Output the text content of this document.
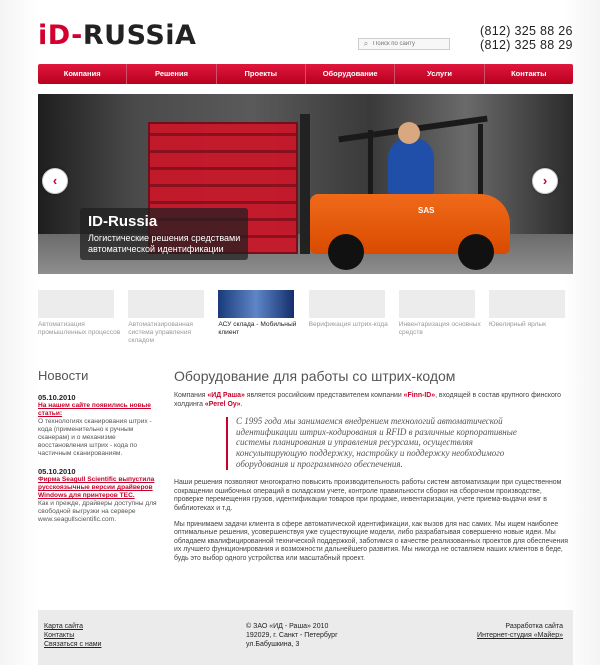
iD- RUSSiA	⌕
Поиск по сайту
(812) 325 88 26
(812) 325 88 29
Компания	Решения	Проекты	Оборудование	Услуги	Контакты
SAS
ID-Russia
Логистические решения средствами
автоматической идентификации
‹	›
Автоматизация промышленных процессов
Автоматизированная система управления складом
АСУ склада - Мобильный клиент
Верификация штрих-кода	Инвентаризация основных средств
Ювелирный ярлык
Новости
05.10.2010
На нашем сайте появились новые статьи:
О технологиях сканирования штрих - кода (применительно к ручным сканерам) и о механизме восстановления штрих - кода по частичным сканированиям.
05.10.2010
Фирма Seagull Scientific выпустила русскоязычные версии драйверов Windows для принтеров TEC.
Как и прежде, драйверы доступны для свободной выгрузки на сервере www.seagullscientific.com.
Оборудование для работы со штрих-кодом

Компания «ИД Раша» является российским представителем компании «Finn-ID», входящей в состав крупного финского холдинга «Perel Oy».

С 1995 года мы занимаемся внедрением технологий автоматической идентификации штрих-кодирования и RFID в различные корпоративные системы планирования и управления ресурсами, осуществляя консультирующую поддержку, настройку и поддержку необходимого оборудования и программного обеспечения.

Наши решения позволяют многократно повысить производительность работы систем автоматизации при существенном сокращении ошибочных операций в складском учете, контроле правильности сборки на сборочном производстве, проверке перемещения грузов, идентификации товаров при продаже, инвентаризации, учете приема-выдачи книг в библиотеках и т.д.

Мы принимаем задачи клиента в сфере автоматической идентификации, как вызов для нас самих. Мы ищем наиболее оптимальные решения, усовершенствуя уже существующие модели, либо разрабатывая совершенно новые идеи. Мы обладаем квалифицированной технической поддержкой, заботимся о качестве реализованных проектов для обеспечения их лучшего функционирования и возможности дальнейшего развития. Мы никогда не оставляем наших клиентов в беде, будь это выбор одного устройства или масштабный проект.

Карта сайта
Контакты
Связаться с нами
© ЗАО «ИД - Раша» 2010
192029, г. Санкт - Петербург
ул.Бабушкина, 3
Разработка сайта
Интернет-студия «Майер»
